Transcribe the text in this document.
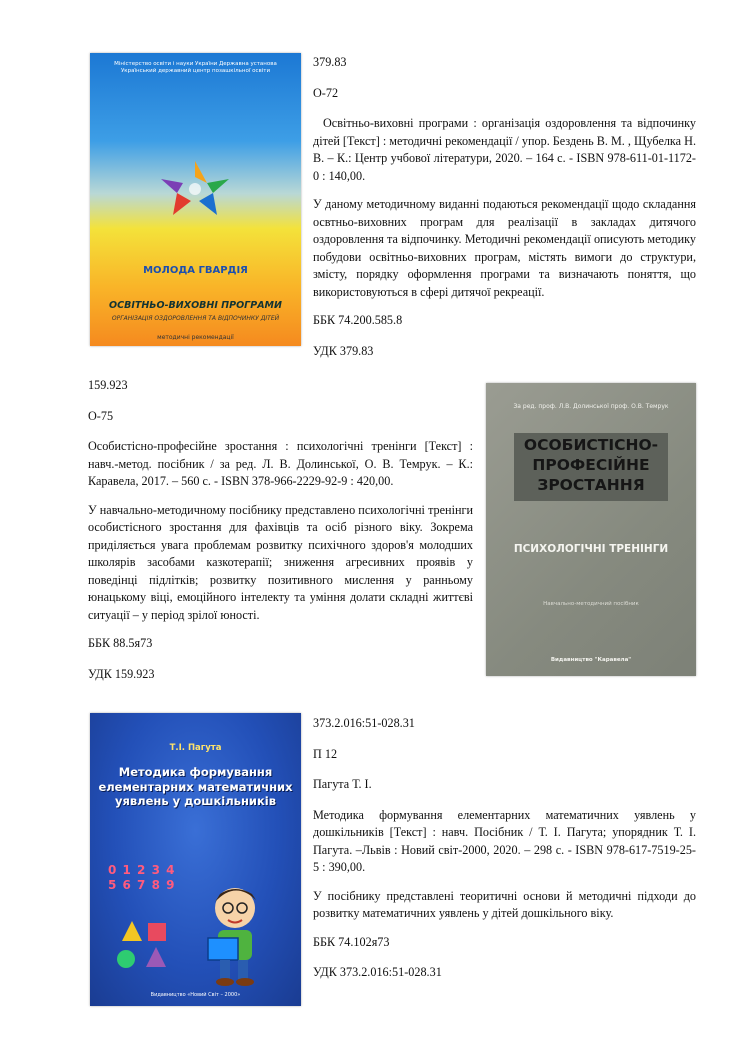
Міністерство освіти і науки України Державна установа Український державний центр позашкільної освіти
МОЛОДА ГВАРДІЯ
ОСВІТНЬО-ВИХОВНІ ПРОГРАМИ
ОРГАНІЗАЦІЯ ОЗДОРОВЛЕННЯ ТА ВІДПОЧИНКУ ДІТЕЙ
методичні рекомендації

379.83

О-72

Освітньо-виховні програми : організація оздоровлення та відпочинку дітей [Текст] : методичні рекомендації / упор. Бездень В. М. , Щубелка Н. В. – К.: Центр учбової літератури, 2020. – 164 с. - ISBN 978-611-01-1172-0 : 140,00.

У даному методичному виданні подаються рекомендації щодо складання освтньо-виховних програм для реалізації в закладах дитячого оздоровлення та відпочинку. Методичні рекомендації описують методику побудови освітньо-виховних програм, містять вимоги до структури, змісту, порядку оформлення програми та визначають поняття, що використовуються в сфері дитячої рекреації.

ББК 74.200.585.8

УДК 379.83

159.923

О-75

Особистісно-професійне зростання : психологічні тренінги [Текст] : навч.-метод. посібник / за ред. Л. В. Долинської, О. В. Темрук. – К.: Каравела, 2017. – 560 с. - ISBN 378-966-2229-92-9 : 420,00.

У навчально-методичному посібнику представлено психологічні тренінги особистісного зростання для фахівців та осіб різного віку. Зокрема приділяється увага проблемам розвитку психічного здоров'я молодших школярів засобами казкотерапії; зниження агресивних проявів у поведінці підлітків; розвитку позитивного мислення у ранньому юнацькому віці, емоційного інтелекту та уміння долати складні життєві ситуації – у період зрілої юності.

ББК 88.5я73

УДК 159.923

За ред. проф. Л.В. Долинської проф. О.В. Темрук
ОСОБИСТІСНО-ПРОФЕСІЙНЕ ЗРОСТАННЯ
ПСИХОЛОГІЧНІ ТРЕНІНГИ
Навчально-методичний посібник
Видавництво "Каравела"
Т.І. Пагута
Методика формування елементарних математичних уявлень у дошкільників
0 1 2 3 4
5 6 7 8 9
Видавництво «Новий Світ – 2000»

373.2.016:51-028.31

П 12

Пагута Т. І.

Методика формування елементарних математичних уявлень у дошкільників [Текст] : навч. Посібник / Т. І. Пагута; упорядник Т. І. Пагута. –Львів : Новий світ-2000, 2020. – 298 с. - ISBN 978-617-7519-25-5 : 390,00.

У посібнику представлені теоритичні основи й методичні підходи до розвитку математичних уявлень у дітей дошкільного віку.

ББК 74.102я73

УДК 373.2.016:51-028.31
